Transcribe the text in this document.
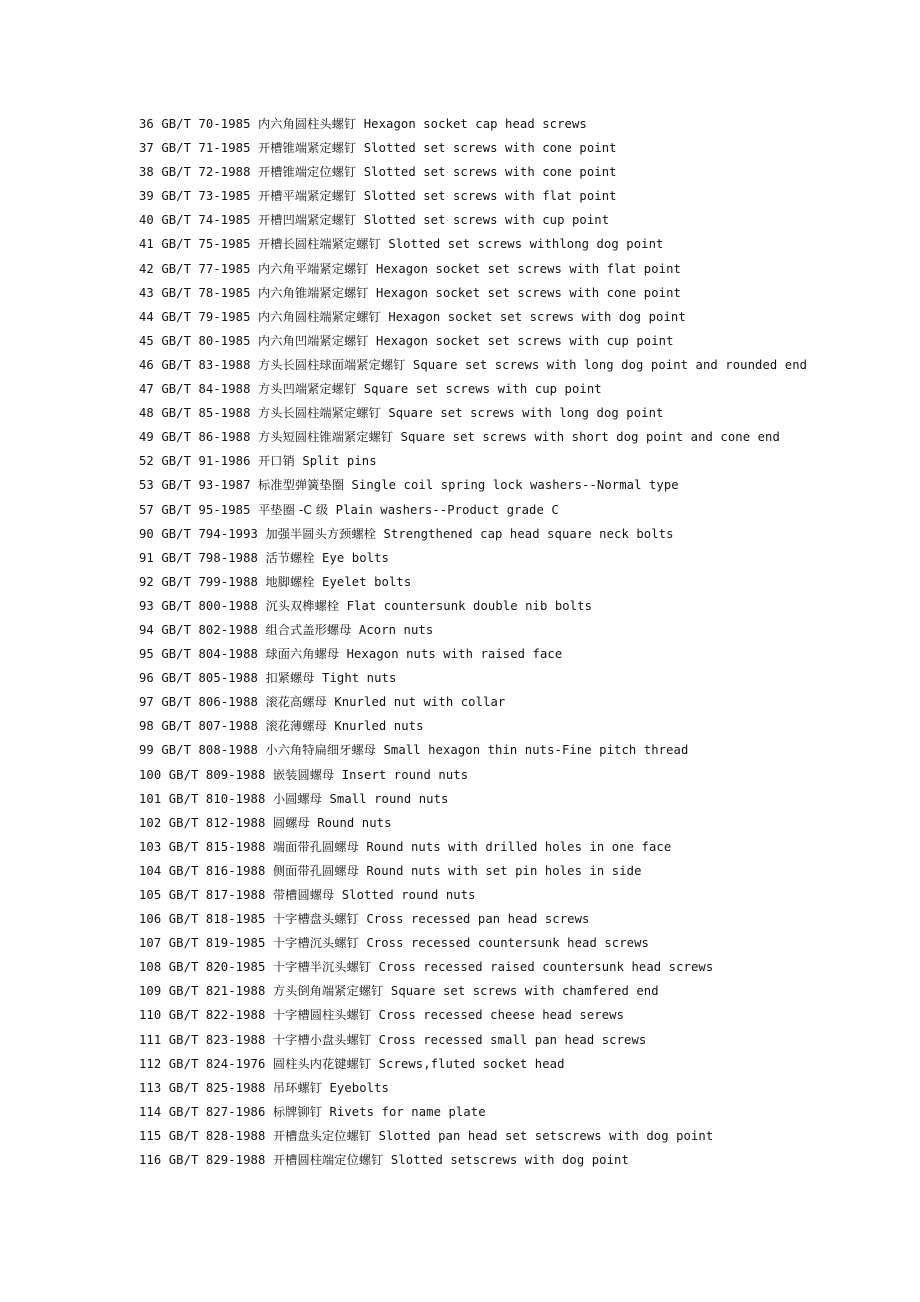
36 GB/T 70-1985 内六角圆柱头螺钉 Hexagon socket cap head screws
37 GB/T 71-1985 开槽锥端紧定螺钉 Slotted set screws with cone point
38 GB/T 72-1988 开槽锥端定位螺钉 Slotted set screws with cone point
39 GB/T 73-1985 开槽平端紧定螺钉 Slotted set screws with flat point
40 GB/T 74-1985 开槽凹端紧定螺钉 Slotted set screws with cup point
41 GB/T 75-1985 开槽长圆柱端紧定螺钉 Slotted set screws withlong dog point
42 GB/T 77-1985 内六角平端紧定螺钉 Hexagon socket set screws with flat point
43 GB/T 78-1985 内六角锥端紧定螺钉 Hexagon socket set screws with cone point
44 GB/T 79-1985 内六角圆柱端紧定螺钉 Hexagon socket set screws with dog point
45 GB/T 80-1985 内六角凹端紧定螺钉 Hexagon socket set screws with cup point
46 GB/T 83-1988 方头长圆柱球面端紧定螺钉 Square set screws with long dog point and rounded end
47 GB/T 84-1988 方头凹端紧定螺钉 Square set screws with cup point
48 GB/T 85-1988 方头长圆柱端紧定螺钉 Square set screws with long dog point
49 GB/T 86-1988 方头短圆柱锥端紧定螺钉 Square set screws with short dog point and cone end
52 GB/T 91-1986 开口销 Split pins
53 GB/T 93-1987 标准型弹簧垫圈 Single coil spring lock washers--Normal type
57 GB/T 95-1985 平垫圈 -C 级 Plain washers--Product grade C
90 GB/T 794-1993 加强半圆头方颈螺栓 Strengthened cap head square neck bolts
91 GB/T 798-1988 活节螺栓 Eye bolts
92 GB/T 799-1988 地脚螺栓 Eyelet bolts
93 GB/T 800-1988 沉头双榫螺栓 Flat countersunk double nib bolts
94 GB/T 802-1988 组合式盖形螺母 Acorn nuts
95 GB/T 804-1988 球面六角螺母 Hexagon nuts with raised face
96 GB/T 805-1988 扣紧螺母 Tight nuts
97 GB/T 806-1988 滚花高螺母 Knurled nut with collar
98 GB/T 807-1988 滚花薄螺母 Knurled nuts
99 GB/T 808-1988 小六角特扁细牙螺母 Small hexagon thin nuts-Fine pitch thread
100 GB/T 809-1988 嵌装圆螺母 Insert round nuts
101 GB/T 810-1988 小圆螺母 Small round nuts
102 GB/T 812-1988 圆螺母 Round nuts
103 GB/T 815-1988 端面带孔圆螺母 Round nuts with drilled holes in one face
104 GB/T 816-1988 侧面带孔圆螺母 Round nuts with set pin holes in side
105 GB/T 817-1988 带槽圆螺母 Slotted round nuts
106 GB/T 818-1985 十字槽盘头螺钉 Cross recessed pan head screws
107 GB/T 819-1985 十字槽沉头螺钉 Cross recessed countersunk head screws
108 GB/T 820-1985 十字槽半沉头螺钉 Cross recessed raised countersunk head screws
109 GB/T 821-1988 方头倒角端紧定螺钉 Square set screws with chamfered end
110 GB/T 822-1988 十字槽圆柱头螺钉 Cross recessed cheese head serews
111 GB/T 823-1988 十字槽小盘头螺钉 Cross recessed small pan head screws
112 GB/T 824-1976 圆柱头内花键螺钉 Screws,fluted socket head
113 GB/T 825-1988 吊环螺钉 Eyebolts
114 GB/T 827-1986 标牌铆钉 Rivets for name plate
115 GB/T 828-1988 开槽盘头定位螺钉 Slotted pan head set setscrews with dog point
116 GB/T 829-1988 开槽圆柱端定位螺钉 Slotted setscrews with dog point
